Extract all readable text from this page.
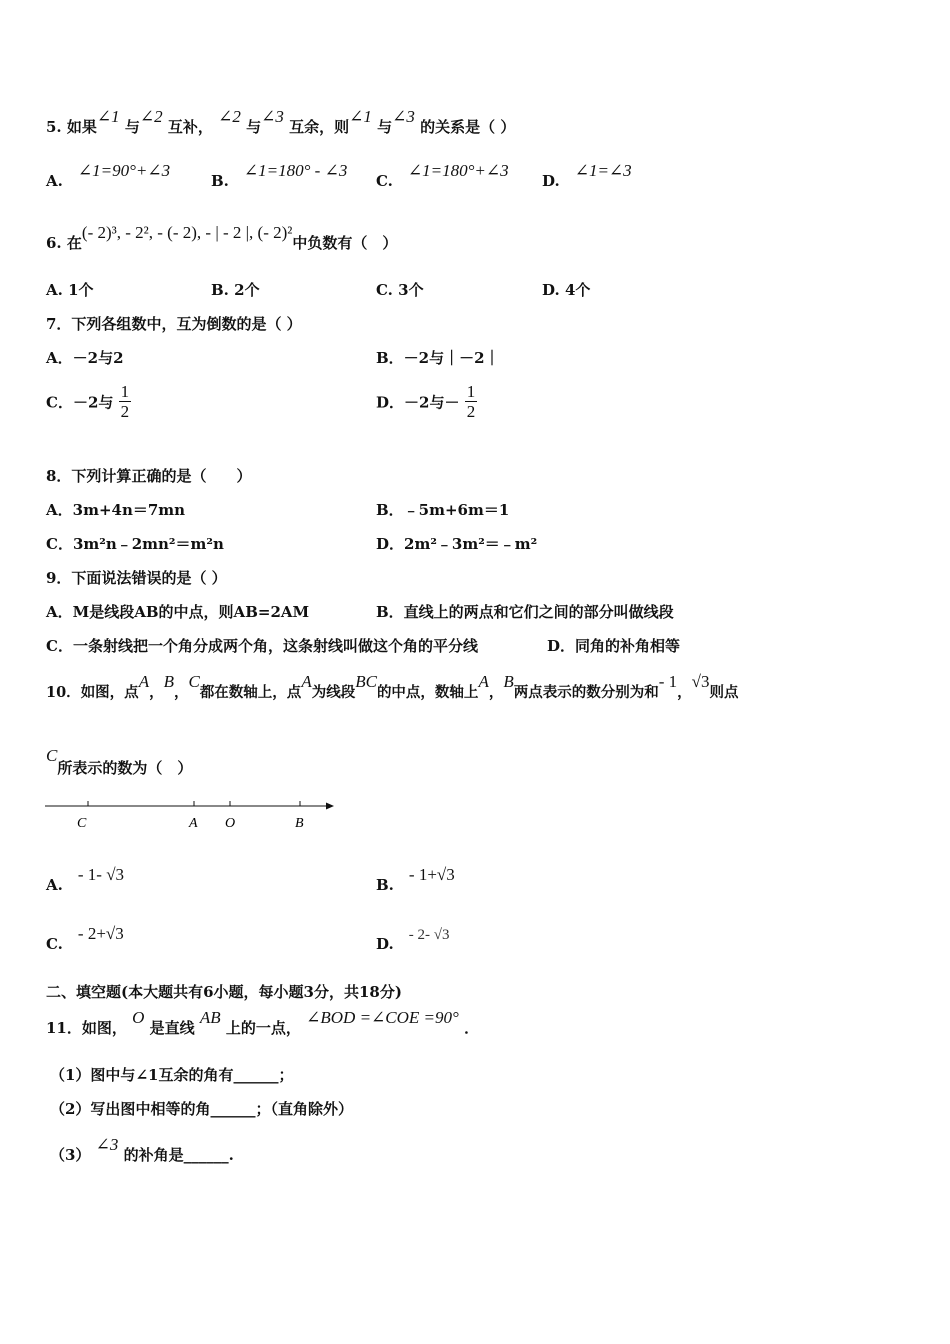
5. 如果∠1 与∠2 互补， ∠2 与∠3 互余，则∠1 与∠3 的关系是（ ）
A.　∠1=90°+∠3
B.　∠1=180° - ∠3
C.　∠1=180°+∠3
D.　∠1=∠3
6. 在(- 2)³, - 2², - (- 2), - | - 2 |, (- 2)²中负数有（　）
A. 1个	B. 2个	C. 3个	D. 4个
7．下列各组数中，互为倒数的是（ ）
A．－2与2	B．－2与｜－2｜
C．－2与 $\frac{1}{2}$	D．－2与－ $\frac{1}{2}$
8．下列计算正确的是（　　）
A．3m+4n＝7mn	B．﹣5m+6m＝1
C．3m²n﹣2mn²＝m²n	D．2m²﹣3m²＝﹣m²
9．下面说法错误的是（ ）
A．M是线段AB的中点，则AB=2AM	B．直线上的两点和它们之间的部分叫做线段
C．一条射线把一个角分成两个角，这条射线叫做这个角的平分线	D．同角的补角相等
10．如图，点A，B，C都在数轴上，点A为线段BC的中点，数轴上A，B两点表示的数分别为和- 1，√3则点
C所表示的数为（　）
C	A O	B
A.　- 1- √3
B.　- 1+√3
C.　- 2+√3
D.　 - 2- √3
二、填空题(本大题共有6小题，每小题3分，共18分)
11．如图， O 是直线 AB 上的一点， ∠BOD =∠COE =90° ．
（1）图中与∠1互余的角有______；
（2）写出图中相等的角______；（直角除外）
（3） ∠3 的补角是______.
